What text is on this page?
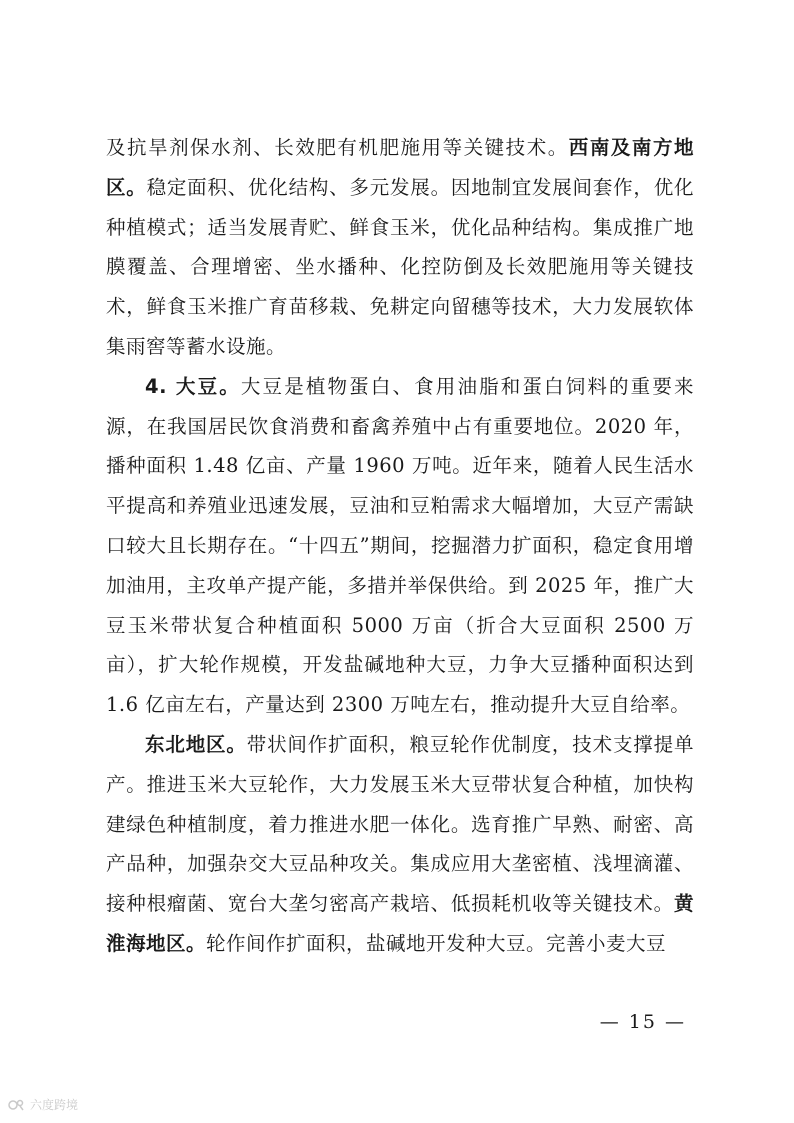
及抗旱剂保水剂、长效肥有机肥施用等关键技术。西南及南方地区。稳定面积、优化结构、多元发展。因地制宜发展间套作，优化种植模式；适当发展青贮、鲜食玉米，优化品种结构。集成推广地膜覆盖、合理增密、坐水播种、化控防倒及长效肥施用等关键技术，鲜食玉米推广育苗移栽、免耕定向留穗等技术，大力发展软体集雨窖等蓄水设施。

4. 大豆。大豆是植物蛋白、食用油脂和蛋白饲料的重要来源，在我国居民饮食消费和畜禽养殖中占有重要地位。2020 年，播种面积 1.48 亿亩、产量 1960 万吨。近年来，随着人民生活水平提高和养殖业迅速发展，豆油和豆粕需求大幅增加，大豆产需缺口较大且长期存在。“十四五”期间，挖掘潜力扩面积，稳定食用增加油用，主攻单产提产能，多措并举保供给。到 2025 年，推广大豆玉米带状复合种植面积 5000 万亩（折合大豆面积 2500 万亩），扩大轮作规模，开发盐碱地种大豆，力争大豆播种面积达到 1.6 亿亩左右，产量达到 2300 万吨左右，推动提升大豆自给率。

东北地区。带状间作扩面积，粮豆轮作优制度，技术支撑提单产。推进玉米大豆轮作，大力发展玉米大豆带状复合种植，加快构建绿色种植制度，着力推进水肥一体化。选育推广早熟、耐密、高产品种，加强杂交大豆品种攻关。集成应用大垄密植、浅埋滴灌、接种根瘤菌、宽台大垄匀密高产栽培、低损耗机收等关键技术。黄淮海地区。轮作间作扩面积，盐碱地开发种大豆。完善小麦大豆

— 15 —
六度跨境
